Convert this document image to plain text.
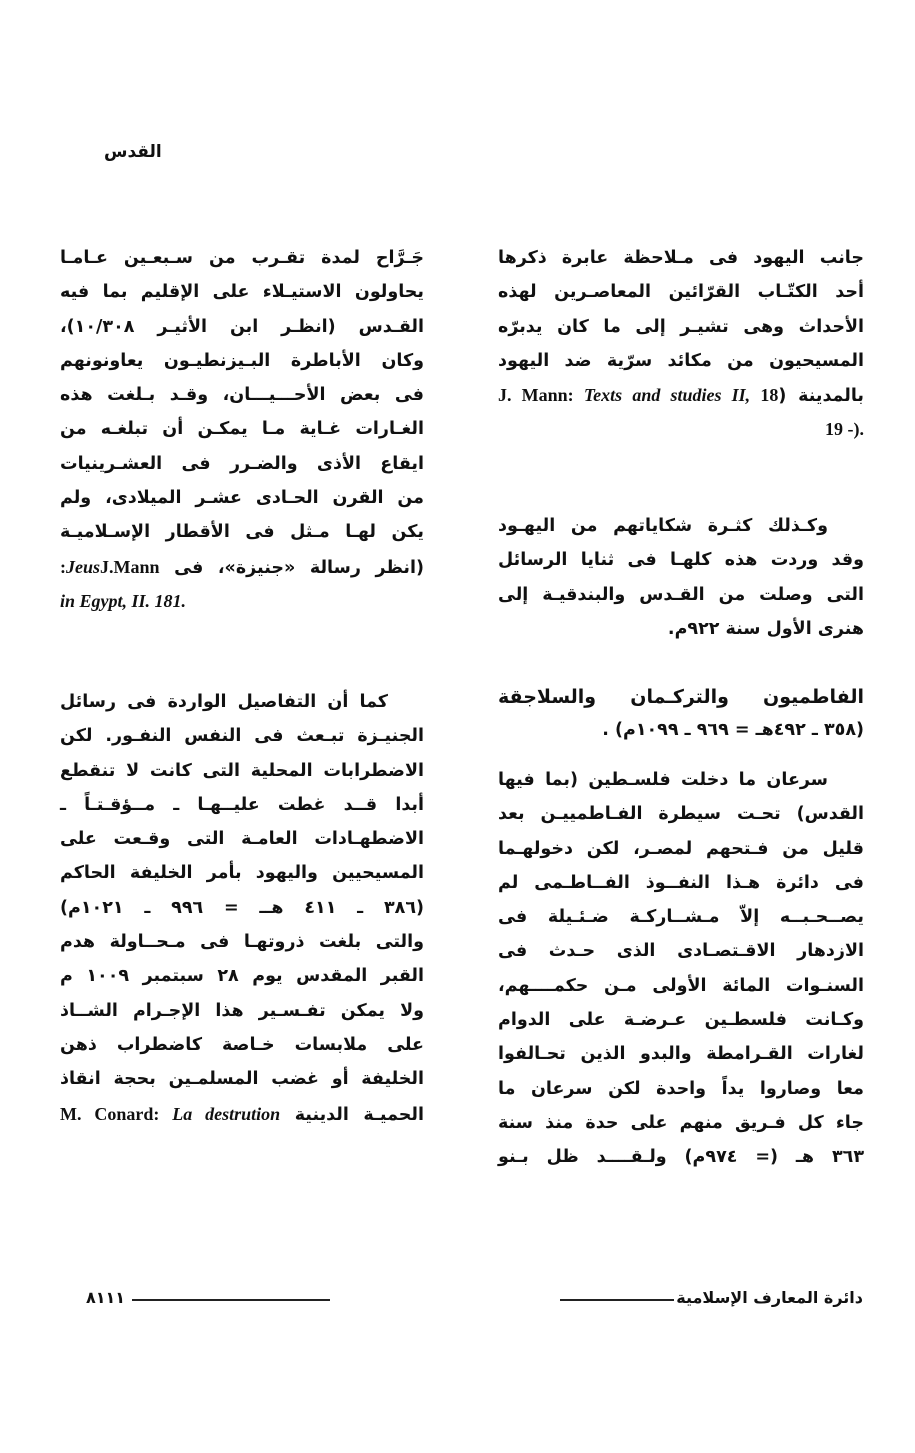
القدس
جانب اليهود فى مـلاحظة عابرة ذكرها
أحد الكتّـاب القرّائين المعاصـرين لهذه
الأحداث وهى تشيـر إلى ما كان يدبرّه
المسيحيون من مكائد سرّية ضد اليهود
بالمدينة (J. Mann: Texts and studies II, 18
.(- 19
وكـذلك كثـرة شكاياتهم من اليهـود
وقد وردت هذه كلهـا فى ثنايا الرسائل
التى وصلت من القـدس والبندقيـة إلى
هنرى الأول سنة ٩٢٢م.
الفاطميون والتركـمان والسلاجقة
(٣٥٨ ـ ٤٩٢هـ = ٩٦٩ ـ ١٠٩٩م) .
سرعان ما دخلت فلسـطين (بما فيها
القدس) تحـت سيطرة الفـاطمييـن بعد
قليل من فـتحهم لمصـر، لكن دخولهـما
فى دائرة هـذا النفــوذ الفــاطـمى لم
يصــحـبــه إلاّ مـشــاركـة ضـئـيلة فى
الازدهار الاقـتصـادى الذى حـدث فى
السنـوات المائة الأولى مـن حكمــــهم،
وكـانت فلسطـين عـرضـة على الدوام
لغارات القـرامطة والبدو الذين تحـالفوا
معا وصاروا يداً واحدة لكن سرعان ما
جاء كل فـريق منهم على حدة منذ سنة
٣٦٣ هـ (= ٩٧٤م) ولـقــــد ظل بـنو
جَـرَّاح لمدة تقـرب من سـبعـين عـامـا
يحاولون الاستيـلاء على الإقليم بما فيه
القـدس (انظـر ابن الأثيـر ١٠/٣٠٨)،
وكان الأباطرة البـيزنطيـون يعاونونهم
فى بعض الأحـــيـــان، وقـد بـلغت هذه
الغـارات غـاية مـا يمكـن أن تبلغـه من
ايقاع الأذى والضـرر فى العشـرينيات
من القرن الحـادى عشـر الميلادى، ولم
يكن لهـا مـثل فى الأقطار الإسـلاميـة
(انظر رسالة «جنيزة»، فى JeusJ.Mann:
in Egypt, II. 181.
كما أن التفاصيل الواردة فى رسائل
الجنيـزة تبـعث فى النفس النفـور. لكن
الاضطرابات المحلية التى كانت لا تنقطع
أبدا قــد غطت عليــهـا ـ مــؤقـتـاً ـ
الاضطهـادات العامـة التى وقـعت على
المسيحيين واليهود بأمر الخليفة الحاكم
(٣٨٦ ـ ٤١١ هــ = ٩٩٦ ـ ١٠٢١م)
والتى بلغت ذروتهـا فى مـحــاولة هدم
القبر المقدس يوم ٢٨ سبتمبر ١٠٠٩ م
ولا يمكن تفـسـير هذا الإجـرام الشــاذ
على ملابسات خـاصة كاضطراب ذهن
الخليفة أو غضب المسلمـين بحجة انقاذ
الحميـة الدينية M. Conard: La destrution
دائرة المعارف الإسلامية
٨١١١
